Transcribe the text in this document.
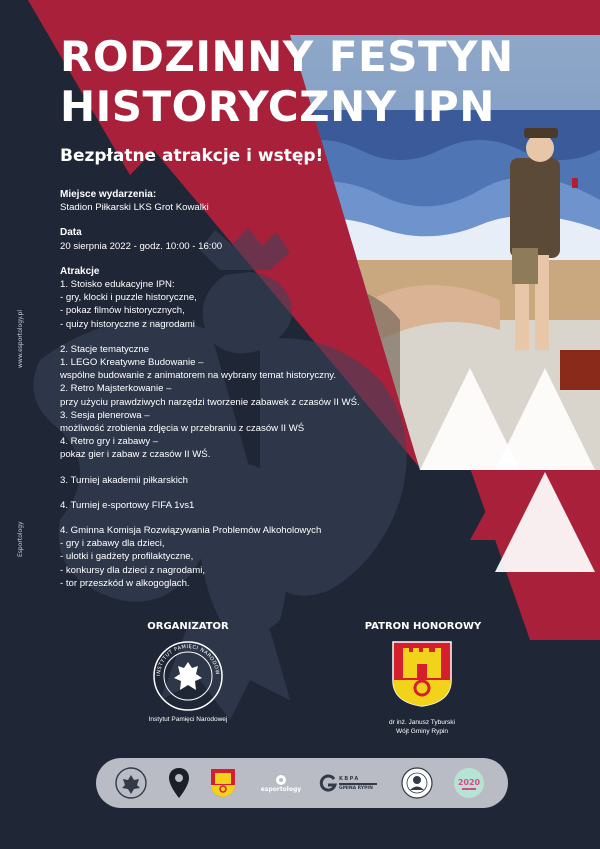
www.esportology.pl
Esportology
RODZINNY FESTYN
HISTORYCZNY IPN
Bezpłatne atrakcje i wstęp!
Miejsce wydarzenia:
Stadion Piłkarski LKS Grot Kowalki
Data
20 sierpnia 2022 - godz. 10:00 - 16:00
Atrakcje
1. Stoisko edukacyjne IPN:
- gry, klocki i puzzle historyczne,
- pokaz filmów historycznych,
- quizy historyczne z nagrodami
2. Stacje tematyczne
1. LEGO Kreatywne Budowanie –
wspólne budowanie z animatorem na wybrany temat historyczny.
2. Retro Majsterkowanie –
przy użyciu prawdziwych narzędzi tworzenie zabawek z czasów II WŚ.
3. Sesja plenerowa –
możliwość zrobienia zdjęcia w przebraniu z czasów II WŚ
4. Retro gry i zabawy –
pokaz gier i zabaw z czasów II WŚ.
3. Turniej akademii piłkarskich
4. Turniej e-sportowy FIFA 1vs1
4. Gminna Komisja Rozwiązywania Problemów Alkoholowych
- gry i zabawy dla dzieci,
- ulotki i gadżety profilaktyczne,
- konkursy dla dzieci z nagrodami,
- tor przeszkód w alkogoglach.
ORGANIZATOR	PATRON HONOROWY
INSTYTUT PAMIĘCI NARODOW
Instytut Pamięci Narodowej	dr inż. Janusz Tyburski
Wójt Gminy Rypin
esportology
KBPA
GMINA RYPIN
2020
